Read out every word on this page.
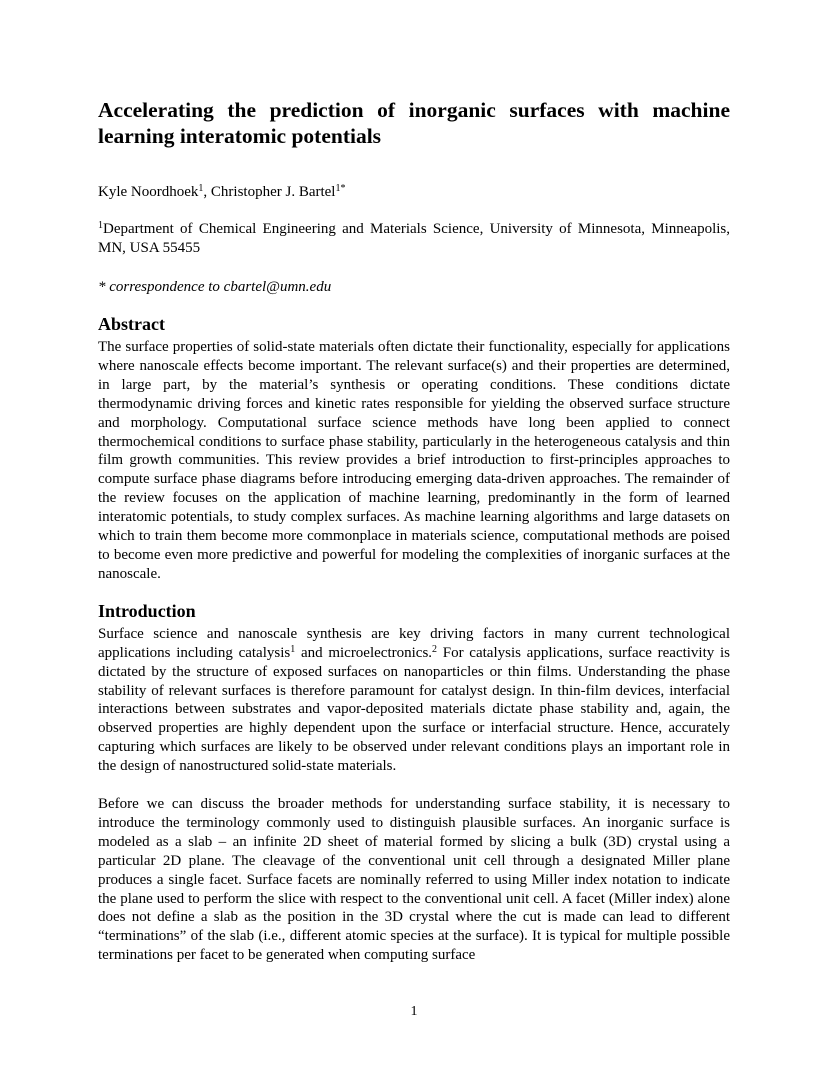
Accelerating the prediction of inorganic surfaces with machine learning interatomic potentials
Kyle Noordhoek$^1$, Christopher J. Bartel$^{1*}$
$^1$Department of Chemical Engineering and Materials Science, University of Minnesota, Minneapolis, MN, USA 55455
* correspondence to cbartel@umn.edu
Abstract

The surface properties of solid-state materials often dictate their functionality, especially for applications where nanoscale effects become important. The relevant surface(s) and their properties are determined, in large part, by the material’s synthesis or operating conditions. These conditions dictate thermodynamic driving forces and kinetic rates responsible for yielding the observed surface structure and morphology. Computational surface science methods have long been applied to connect thermochemical conditions to surface phase stability, particularly in the heterogeneous catalysis and thin film growth communities. This review provides a brief introduction to first-principles approaches to compute surface phase diagrams before introducing emerging data-driven approaches. The remainder of the review focuses on the application of machine learning, predominantly in the form of learned interatomic potentials, to study complex surfaces. As machine learning algorithms and large datasets on which to train them become more commonplace in materials science, computational methods are poised to become even more predictive and powerful for modeling the complexities of inorganic surfaces at the nanoscale.

Introduction

Surface science and nanoscale synthesis are key driving factors in many current technological applications including catalysis$^1$ and microelectronics.$^2$ For catalysis applications, surface reactivity is dictated by the structure of exposed surfaces on nanoparticles or thin films. Understanding the phase stability of relevant surfaces is therefore paramount for catalyst design. In thin-film devices, interfacial interactions between substrates and vapor-deposited materials dictate phase stability and, again, the observed properties are highly dependent upon the surface or interfacial structure. Hence, accurately capturing which surfaces are likely to be observed under relevant conditions plays an important role in the design of nanostructured solid-state materials.

Before we can discuss the broader methods for understanding surface stability, it is necessary to introduce the terminology commonly used to distinguish plausible surfaces. An inorganic surface is modeled as a slab – an infinite 2D sheet of material formed by slicing a bulk (3D) crystal using a particular 2D plane. The cleavage of the conventional unit cell through a designated Miller plane produces a single facet. Surface facets are nominally referred to using Miller index notation to indicate the plane used to perform the slice with respect to the conventional unit cell. A facet (Miller index) alone does not define a slab as the position in the 3D crystal where the cut is made can lead to different “terminations” of the slab (i.e., different atomic species at the surface). It is typical for multiple possible terminations per facet to be generated when computing surface

1
